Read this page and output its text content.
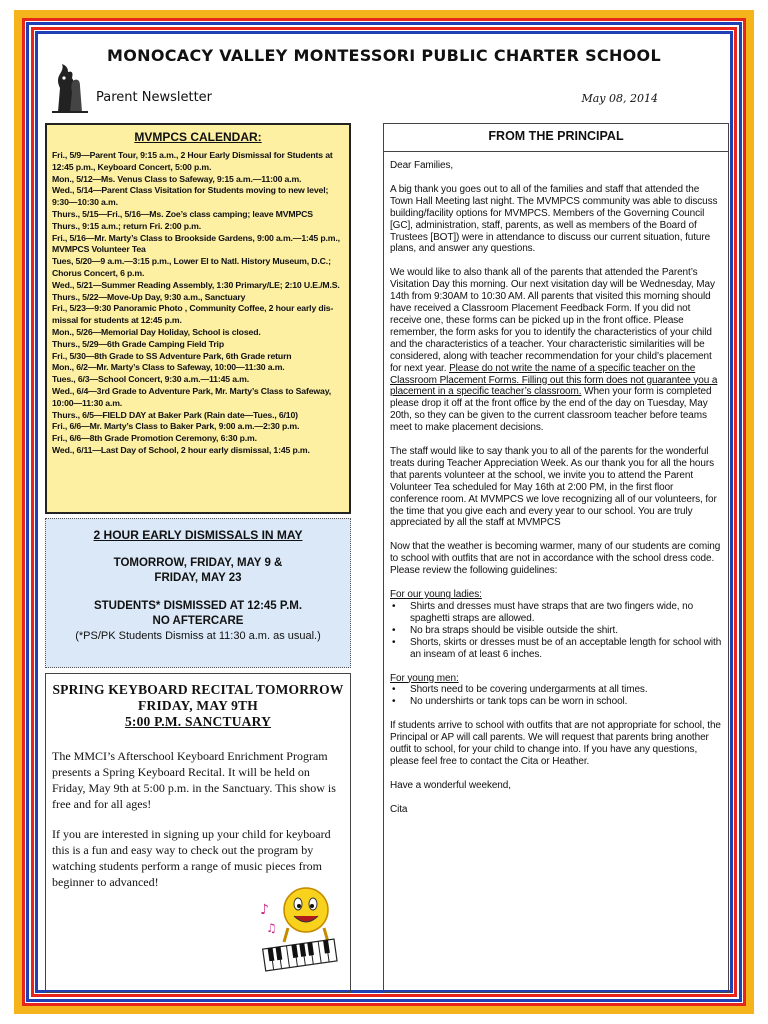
MONOCACY VALLEY MONTESSORI PUBLIC CHARTER SCHOOL
Parent Newsletter	May 08, 2014
MVMPCS CALENDAR:
Fri., 5/9—Parent Tour, 9:15 a.m., 2 Hour Early Dismissal for Students at
12:45 p.m., Keyboard Concert, 5:00 p.m.
Mon., 5/12—Ms. Venus Class to Safeway, 9:15 a.m.—11:00 a.m.
Wed., 5/14—Parent Class Visitation for Students moving to new level;
9:30—10:30 a.m.
Thurs., 5/15—Fri., 5/16—Ms. Zoe’s class camping; leave MVMPCS
Thurs., 9:15 a.m.; return Fri. 2:00 p.m.
Fri., 5/16—Mr. Marty’s Class to Brookside Gardens, 9:00 a.m.—1:45 p.m.,
MVMPCS Volunteer Tea
Tues, 5/20—9 a.m.—3:15 p.m., Lower El to Natl. History Museum, D.C.;
Chorus Concert, 6 p.m.
Wed., 5/21—Summer Reading Assembly, 1:30 Primary/LE; 2:10 U.E./M.S.
Thurs., 5/22—Move-Up Day, 9:30 a.m., Sanctuary
Fri., 5/23—9:30 Panoramic Photo , Community Coffee, 2 hour early dis-
missal for students at 12:45 p.m.
Mon., 5/26—Memorial Day Holiday, School is closed.
Thurs., 5/29—6th Grade Camping Field Trip
Fri., 5/30—8th Grade to SS Adventure Park, 6th Grade return
Mon., 6/2—Mr. Marty’s Class to Safeway, 10:00—11:30 a.m.
Tues., 6/3—School Concert, 9:30 a.m.—11:45 a.m.
Wed., 6/4—3rd Grade to Adventure Park, Mr. Marty’s Class to Safeway,
10:00—11:30 a.m.
Thurs., 6/5—FIELD DAY at Baker Park (Rain date—Tues., 6/10)
Fri., 6/6—Mr. Marty’s Class to Baker Park, 9:00 a.m.—2:30 p.m.
Fri., 6/6—8th Grade Promotion Ceremony, 6:30 p.m.
Wed., 6/11—Last Day of School, 2 hour early dismissal, 1:45 p.m.
2 HOUR EARLY DISMISSALS IN MAY
TOMORROW, FRIDAY, MAY 9 &
FRIDAY, MAY 23
STUDENTS* DISMISSED AT 12:45 P.M.
NO AFTERCARE
(*PS/PK Students Dismiss at 11:30 a.m. as usual.)
SPRING KEYBOARD RECITAL TOMORROW
FRIDAY, MAY 9TH
5:00 P.M. SANCTUARY

The MMCI’s Afterschool Keyboard Enrichment Program presents a Spring Keyboard Recital. It will be held on Friday, May 9th at 5:00 p.m. in the Sanctuary. This show is free and for all ages!

If you are interested in signing up your child for keyboard this is a fun and easy way to check out the program by watching students perform a range of music pieces from beginner to advanced!

♪
♫
FROM THE PRINCIPAL

Dear Families,

A big thank you goes out to all of the families and staff that attended the Town Hall Meeting last night. The MVMPCS community was able to discuss building/facility options for MVMPCS. Members of the Governing Council [GC], administration, staff, parents, as well as members of the Board of Trustees [BOT]) were in attendance to discuss our current situation, future plans, and answer any questions.

We would like to also thank all of the parents that attended the Parent’s Visitation Day this morning. Our next visitation day will be Wednesday, May 14th from 9:30AM to 10:30 AM. All parents that visited this morning should have received a Classroom Placement Feedback Form. If you did not receive one, these forms can be picked up in the front office. Please remember, the form asks for you to identify the characteristics of your child and the characteristics of a teacher. Your characteristic similarities will be considered, along with teacher recommendation for your child’s placement for next year. Please do not write the name of a specific teacher on the Classroom Placement Forms. Filling out this form does not guarantee you a placement in a specific teacher’s classroom. When your form is completed please drop it off at the front office by the end of the day on Tuesday, May 20th, so they can be given to the current classroom teacher before teams meet to make placement decisions.

The staff would like to say thank you to all of the parents for the wonderful treats during Teacher Appreciation Week. As our thank you for all the hours that parents volunteer at the school, we invite you to attend the Parent Volunteer Tea scheduled for May 16th at 2:00 PM, in the first floor conference room. At MVMPCS we love recognizing all of our volunteers, for the time that you give each and every year to our school. You are truly appreciated by all the staff at MVMPCS

Now that the weather is becoming warmer, many of our students are coming to school with outfits that are not in accordance with the school dress code. Please review the following guidelines:

For our young ladies:

• Shirts and dresses must have straps that are two fingers wide, no spaghetti straps are allowed.

• No bra straps should be visible outside the shirt.

• Shorts, skirts or dresses must be of an acceptable length for school with an inseam of at least 6 inches.

For young men:

• Shorts need to be covering undergarments at all times.

• No undershirts or tank tops can be worn in school.

If students arrive to school with outfits that are not appropriate for school, the Principal or AP will call parents. We will request that parents bring another outfit to school, for your child to change into. If you have any questions, please feel free to contact the Cita or Heather.

Have a wonderful weekend,

Cita
